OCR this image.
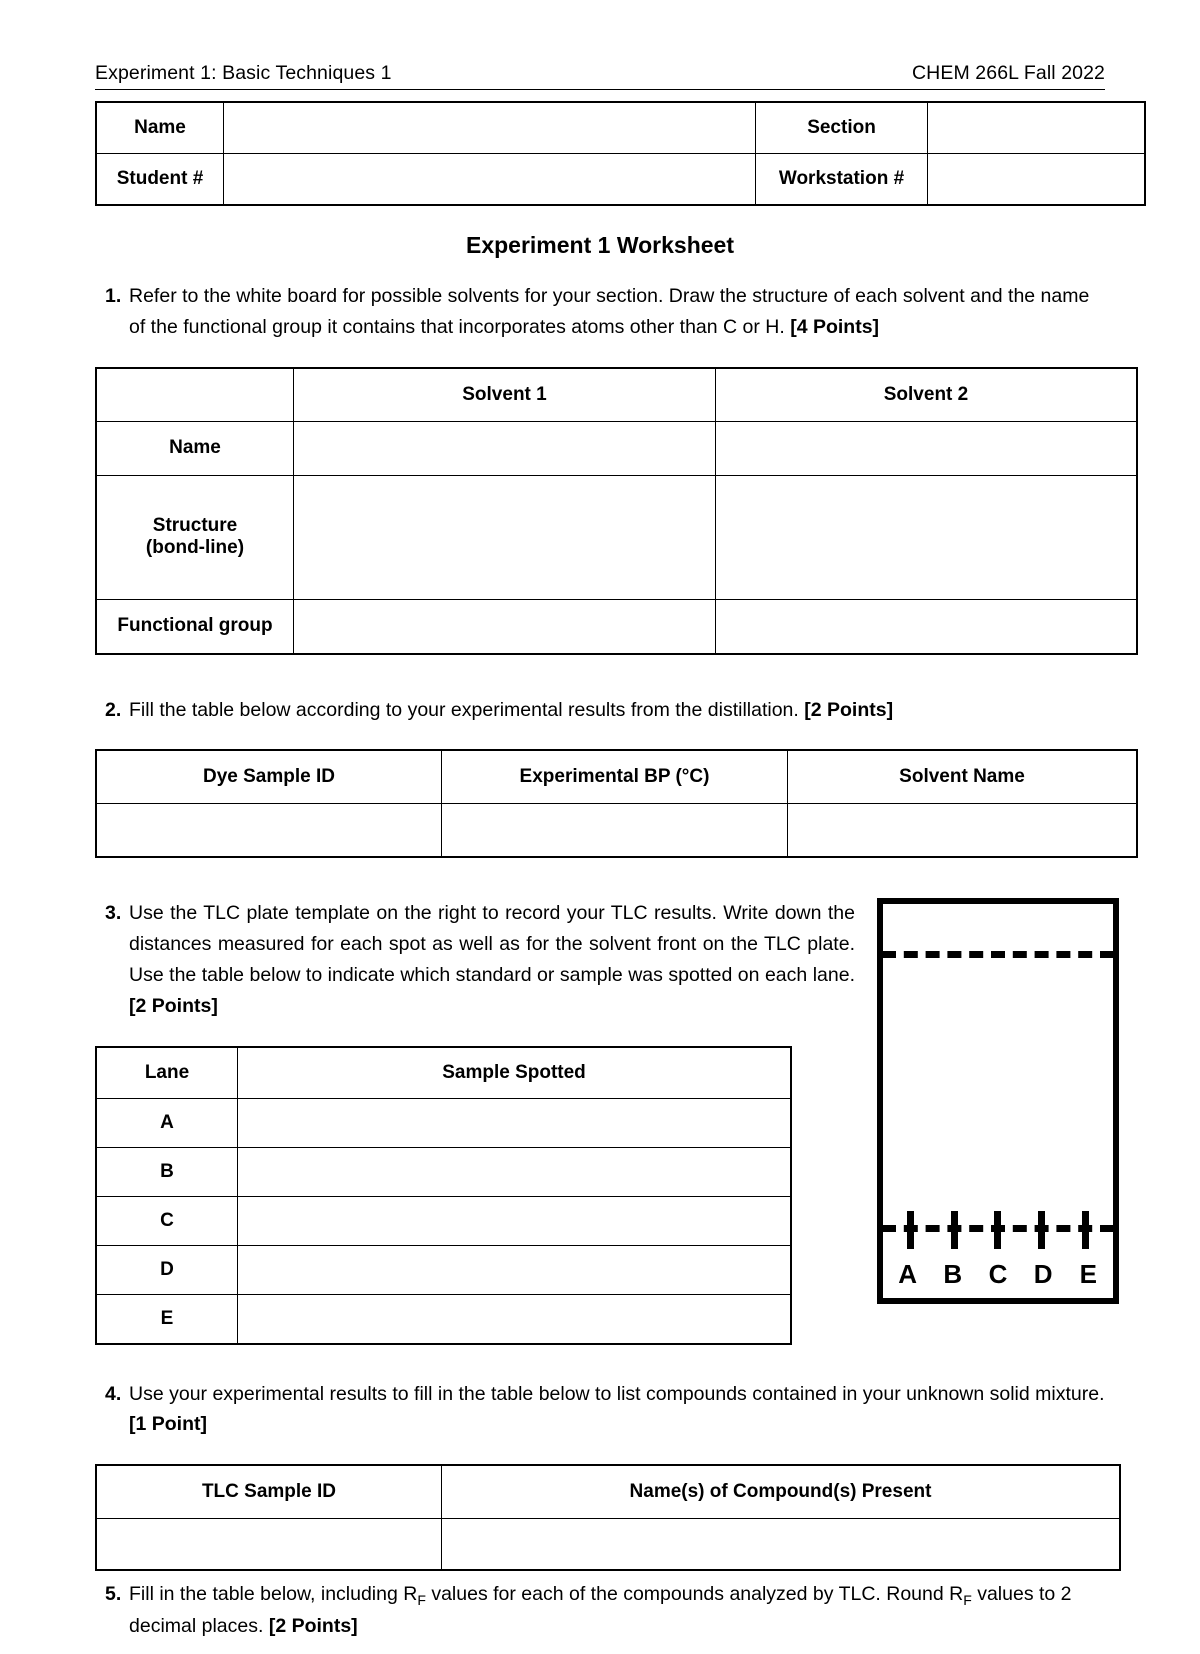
Experiment 1: Basic Techniques 1	CHEM 266L Fall 2022
Name		Section	
Student #		Workstation #	
Experiment 1 Worksheet
1. Refer to the white board for possible solvents for your section. Draw the structure of each solvent and the name of the functional group it contains that incorporates atoms other than C or H. [4 Points]
	Solvent 1	Solvent 2
Name		

Structure
(bond-line)		

Functional group		
2. Fill the table below according to your experimental results from the distillation. [2 Points]
Dye Sample ID	Experimental BP (°C)	Solvent Name

3. Use the TLC plate template on the right to record your TLC results. Write down the distances measured for each spot as well as for the solvent front on the TLC plate. Use the table below to indicate which standard or sample was spotted on each lane. [2 Points]
Lane	Sample Spotted
A	
B	
C	
D	
E	
A B C D E
4. Use your experimental results to fill in the table below to list compounds contained in your unknown solid mixture. [1 Point]
TLC Sample ID	Name(s) of Compound(s) Present

5. Fill in the table below, including $R_F$ values for each of the compounds analyzed by TLC. Round $R_F$ values to 2 decimal places. [2 Points]
